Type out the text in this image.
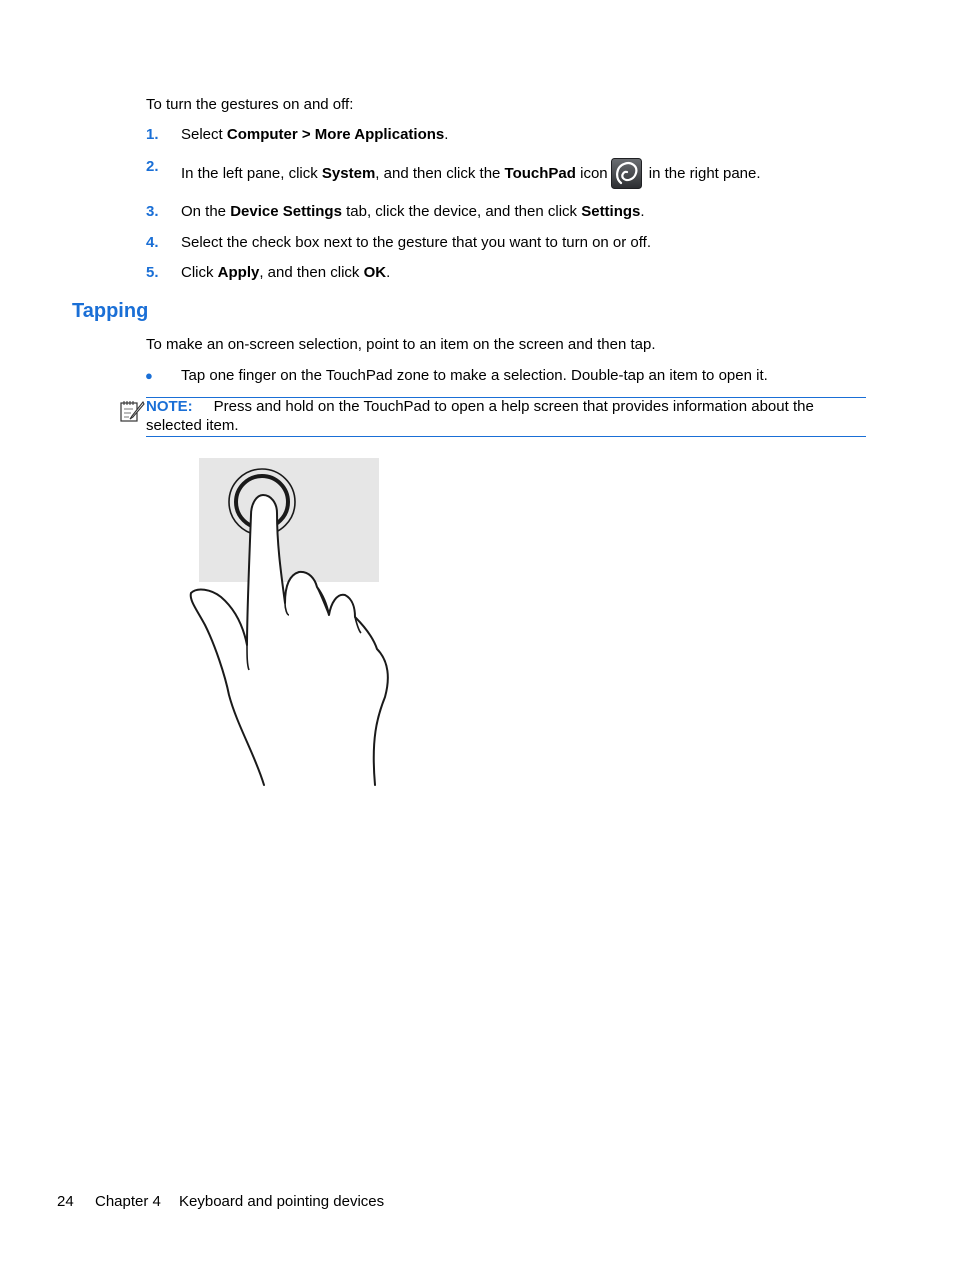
To turn the gestures on and off:
1. Select Computer > More Applications.
2. In the left pane, click System, and then click the TouchPad icon in the right pane.
3. On the Device Settings tab, click the device, and then click Settings.
4. Select the check box next to the gesture that you want to turn on or off.
5. Click Apply, and then click OK.
Tapping
To make an on-screen selection, point to an item on the screen and then tap.
● Tap one finger on the TouchPad zone to make a selection. Double-tap an item to open it.
NOTE: Press and hold on the TouchPad to open a help screen that provides information about the
selected item.
24 Chapter 4 Keyboard and pointing devices
